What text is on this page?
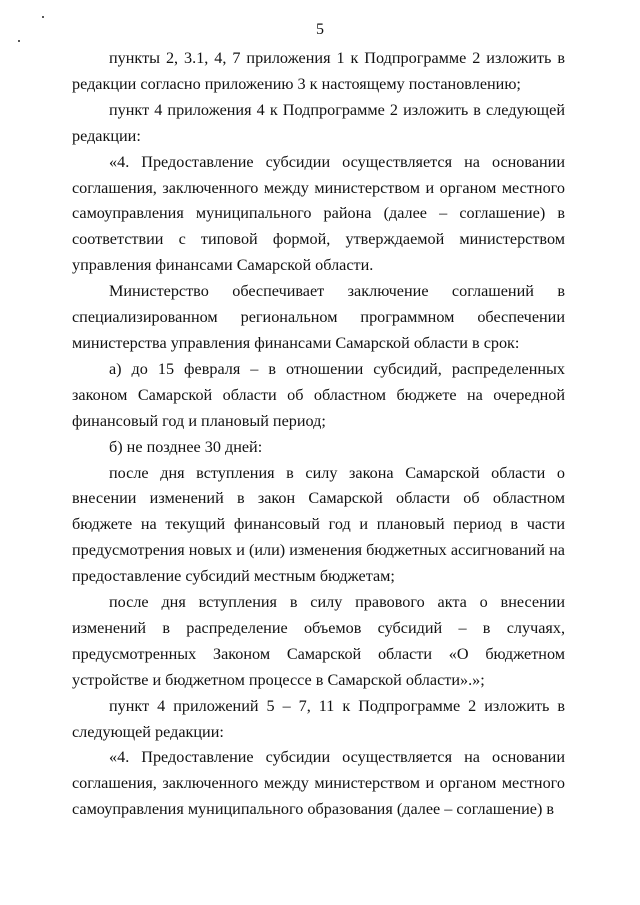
5

пункты 2, 3.1, 4, 7 приложения 1 к Подпрограмме 2 изложить в редакции согласно приложению 3 к настоящему постановлению;

пункт 4 приложения 4 к Подпрограмме 2 изложить в следующей редакции:

«4. Предоставление субсидии осуществляется на основании соглашения, заключенного между министерством и органом местного самоуправления муниципального района (далее – соглашение) в соответствии с типовой формой, утверждаемой министерством управления финансами Самарской области.

Министерство обеспечивает заключение соглашений в специализированном региональном программном обеспечении министерства управления финансами Самарской области в срок:

а) до 15 февраля – в отношении субсидий, распределенных законом Самарской области об областном бюджете на очередной финансовый год и плановый период;

б) не позднее 30 дней:

после дня вступления в силу закона Самарской области о внесении изменений в закон Самарской области об областном бюджете на текущий финансовый год и плановый период в части предусмотрения новых и (или) изменения бюджетных ассигнований на предоставление субсидий местным бюджетам;

после дня вступления в силу правового акта о внесении изменений в распределение объемов субсидий – в случаях, предусмотренных Законом Самарской области «О бюджетном устройстве и бюджетном процессе в Самарской области».»;

пункт 4 приложений 5 – 7, 11 к Подпрограмме 2 изложить в следующей редакции:

«4. Предоставление субсидии осуществляется на основании соглашения, заключенного между министерством и органом местного самоуправления муниципального образования (далее – соглашение) в
